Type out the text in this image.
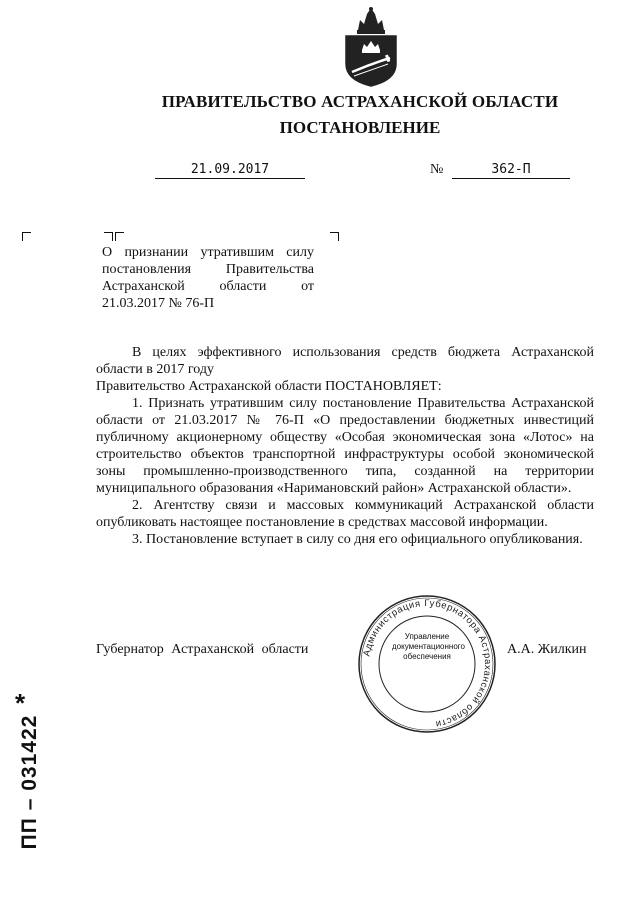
ПРАВИТЕЛЬСТВО АСТРАХАНСКОЙ ОБЛАСТИ
ПОСТАНОВЛЕНИЕ
21.09.2017	№	362-П
О признании утратившим силу
постановления Правительства
Астраханской области от
21.03.2017 № 76-П

В целях эффективного использования средств бюджета Астраханской области в 2017 году

Правительство Астраханской области ПОСТАНОВЛЯЕТ:

1. Признать утратившим силу постановление Правительства Астраханской области от 21.03.2017 № 76-П «О предоставлении бюджетных инвестиций публичному акционерному обществу «Особая экономическая зона «Лотос» на строительство объектов транспортной инфраструктуры особой экономической зоны промышленно-производственного типа, созданной на территории муниципального образования «Наримановский район» Астраханской области».

2. Агентству связи и массовых коммуникаций Астраханской области опубликовать настоящее постановление в средствах массовой информации.

3. Постановление вступает в силу со дня его официального опубликования.

Губернатор Астраханской области	Администрация Губернатора Астраханской области
Управление документационного обеспечения	А.А. Жилкин
*
ПП – 031422
